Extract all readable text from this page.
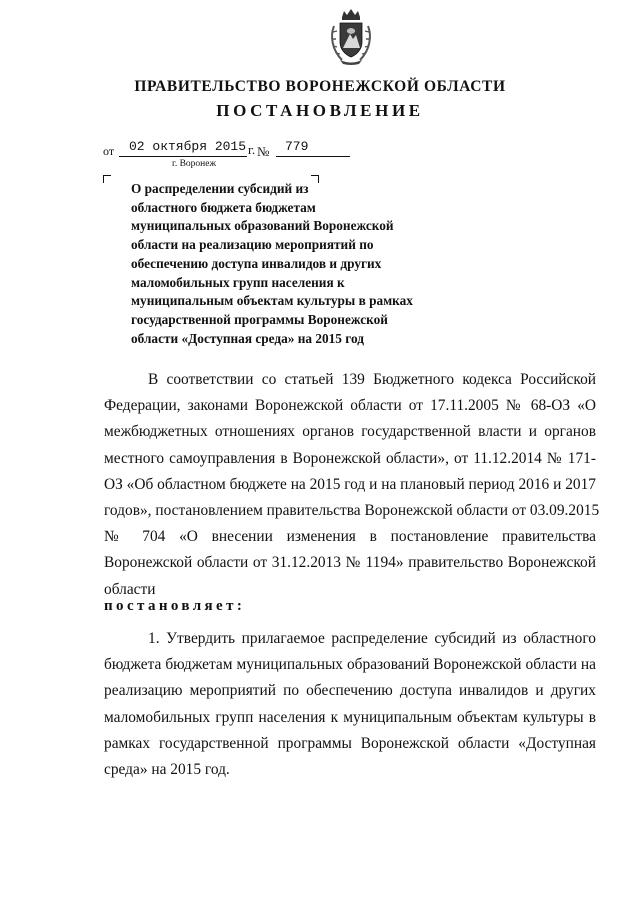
ПРАВИТЕЛЬСТВО ВОРОНЕЖСКОЙ ОБЛАСТИ
ПОСТАНОВЛЕНИЕ
от 02 октября 2015 г. № 779
г. Воронеж
О распределении субсидий из
областного бюджета бюджетам
муниципальных образований Воронежской
области на реализацию мероприятий по
обеспечению доступа инвалидов и других
маломобильных групп населения к
муниципальным объектам культуры в рамках
государственной программы Воронежской
области «Доступная среда» на 2015 год
В соответствии со статьей 139 Бюджетного кодекса Российской
Федерации, законами Воронежской области от 17.11.2005 № 68-ОЗ «О
межбюджетных отношениях органов государственной власти и органов
местного самоуправления в Воронежской области», от 11.12.2014 № 171-
ОЗ «Об областном бюджете на 2015 год и на плановый период 2016 и 2017
годов», постановлением правительства Воронежской области от 03.09.2015
№ 704 «О внесении изменения в постановление правительства
Воронежской области от 31.12.2013 № 1194» правительство Воронежской
области
постановляет:
1. Утвердить прилагаемое распределение субсидий из областного
бюджета бюджетам муниципальных образований Воронежской области на
реализацию мероприятий по обеспечению доступа инвалидов и других
маломобильных групп населения к муниципальным объектам культуры в
рамках государственной программы Воронежской области «Доступная
среда» на 2015 год.
